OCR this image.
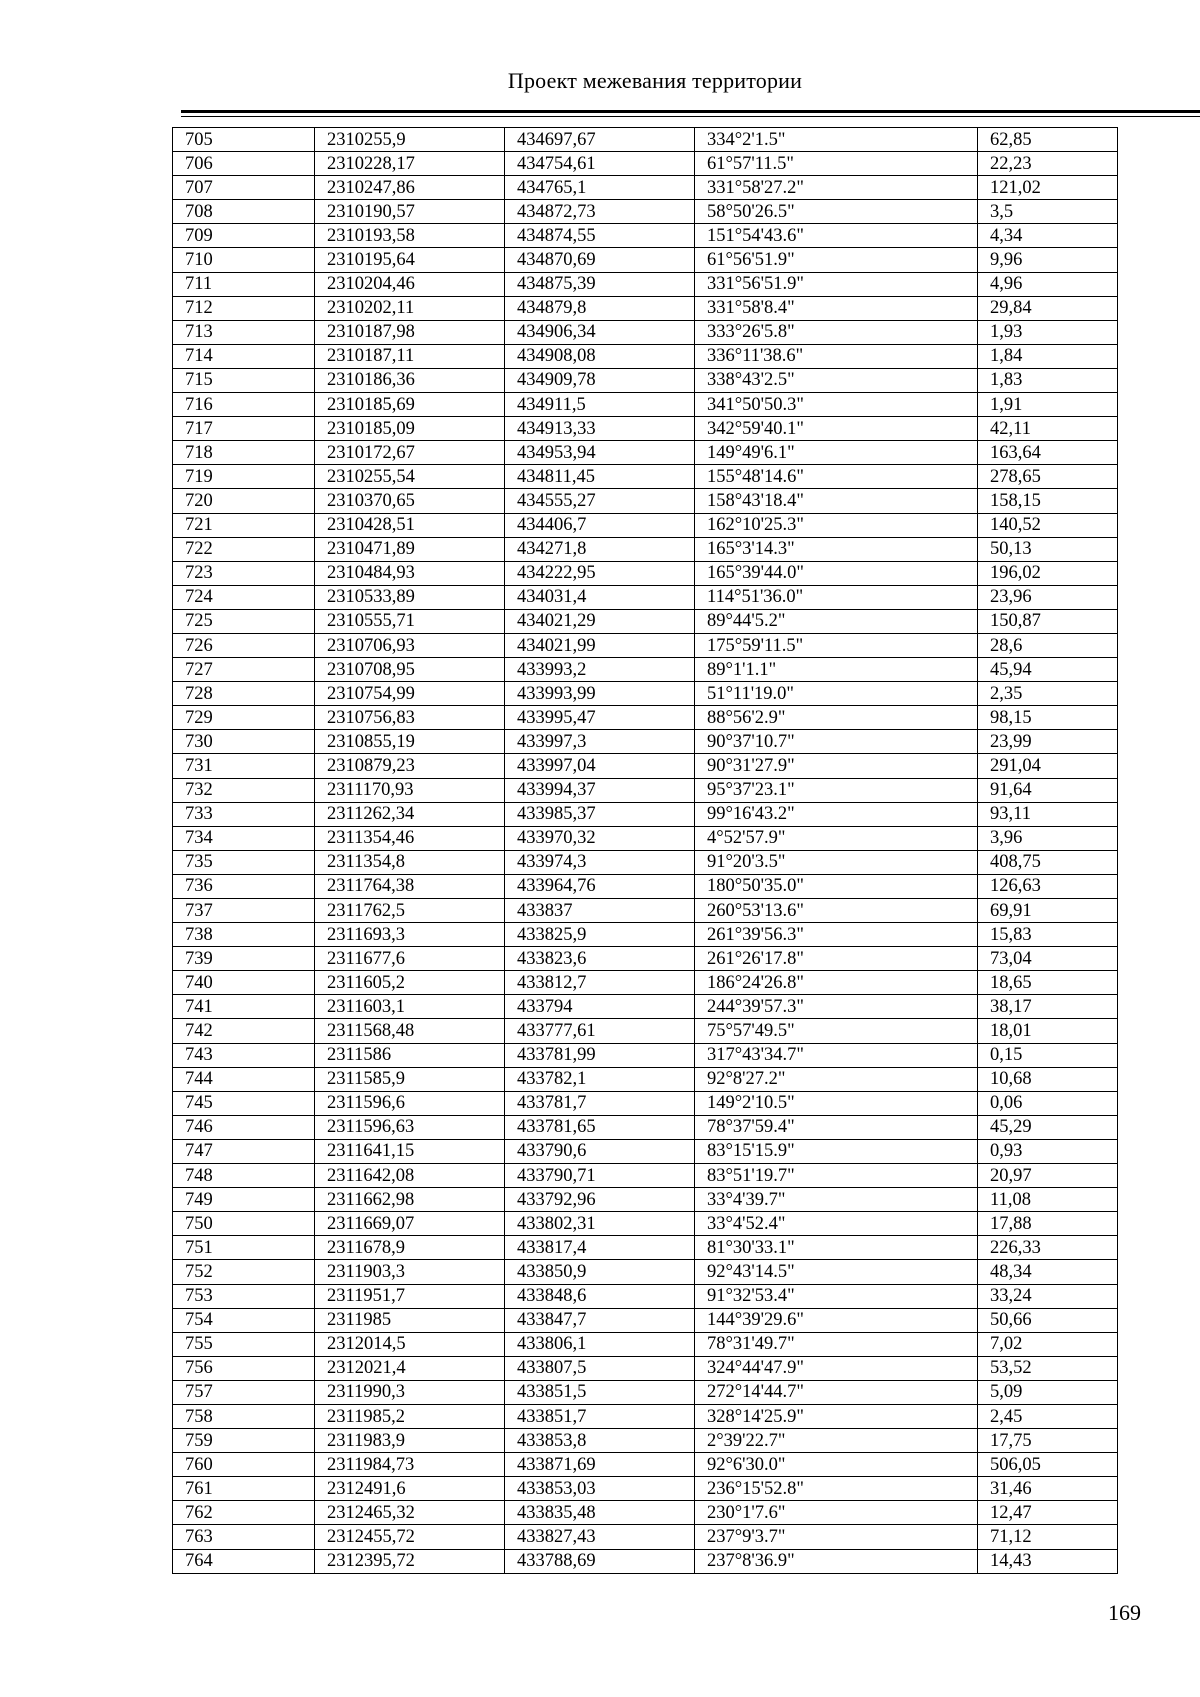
Проект межевания территории
705	2310255,9	434697,67	334°2'1.5"	62,85
706	2310228,17	434754,61	61°57'11.5"	22,23
707	2310247,86	434765,1	331°58'27.2"	121,02
708	2310190,57	434872,73	58°50'26.5"	3,5
709	2310193,58	434874,55	151°54'43.6"	4,34
710	2310195,64	434870,69	61°56'51.9"	9,96
711	2310204,46	434875,39	331°56'51.9"	4,96
712	2310202,11	434879,8	331°58'8.4"	29,84
713	2310187,98	434906,34	333°26'5.8"	1,93
714	2310187,11	434908,08	336°11'38.6"	1,84
715	2310186,36	434909,78	338°43'2.5"	1,83
716	2310185,69	434911,5	341°50'50.3"	1,91
717	2310185,09	434913,33	342°59'40.1"	42,11
718	2310172,67	434953,94	149°49'6.1"	163,64
719	2310255,54	434811,45	155°48'14.6"	278,65
720	2310370,65	434555,27	158°43'18.4"	158,15
721	2310428,51	434406,7	162°10'25.3"	140,52
722	2310471,89	434271,8	165°3'14.3"	50,13
723	2310484,93	434222,95	165°39'44.0"	196,02
724	2310533,89	434031,4	114°51'36.0"	23,96
725	2310555,71	434021,29	89°44'5.2"	150,87
726	2310706,93	434021,99	175°59'11.5"	28,6
727	2310708,95	433993,2	89°1'1.1"	45,94
728	2310754,99	433993,99	51°11'19.0"	2,35
729	2310756,83	433995,47	88°56'2.9"	98,15
730	2310855,19	433997,3	90°37'10.7"	23,99
731	2310879,23	433997,04	90°31'27.9"	291,04
732	2311170,93	433994,37	95°37'23.1"	91,64
733	2311262,34	433985,37	99°16'43.2"	93,11
734	2311354,46	433970,32	4°52'57.9"	3,96
735	2311354,8	433974,3	91°20'3.5"	408,75
736	2311764,38	433964,76	180°50'35.0"	126,63
737	2311762,5	433837	260°53'13.6"	69,91
738	2311693,3	433825,9	261°39'56.3"	15,83
739	2311677,6	433823,6	261°26'17.8"	73,04
740	2311605,2	433812,7	186°24'26.8"	18,65
741	2311603,1	433794	244°39'57.3"	38,17
742	2311568,48	433777,61	75°57'49.5"	18,01
743	2311586	433781,99	317°43'34.7"	0,15
744	2311585,9	433782,1	92°8'27.2"	10,68
745	2311596,6	433781,7	149°2'10.5"	0,06
746	2311596,63	433781,65	78°37'59.4"	45,29
747	2311641,15	433790,6	83°15'15.9"	0,93
748	2311642,08	433790,71	83°51'19.7"	20,97
749	2311662,98	433792,96	33°4'39.7"	11,08
750	2311669,07	433802,31	33°4'52.4"	17,88
751	2311678,9	433817,4	81°30'33.1"	226,33
752	2311903,3	433850,9	92°43'14.5"	48,34
753	2311951,7	433848,6	91°32'53.4"	33,24
754	2311985	433847,7	144°39'29.6"	50,66
755	2312014,5	433806,1	78°31'49.7"	7,02
756	2312021,4	433807,5	324°44'47.9"	53,52
757	2311990,3	433851,5	272°14'44.7"	5,09
758	2311985,2	433851,7	328°14'25.9"	2,45
759	2311983,9	433853,8	2°39'22.7"	17,75
760	2311984,73	433871,69	92°6'30.0"	506,05
761	2312491,6	433853,03	236°15'52.8"	31,46
762	2312465,32	433835,48	230°1'7.6"	12,47
763	2312455,72	433827,43	237°9'3.7"	71,12
764	2312395,72	433788,69	237°8'36.9"	14,43
169
